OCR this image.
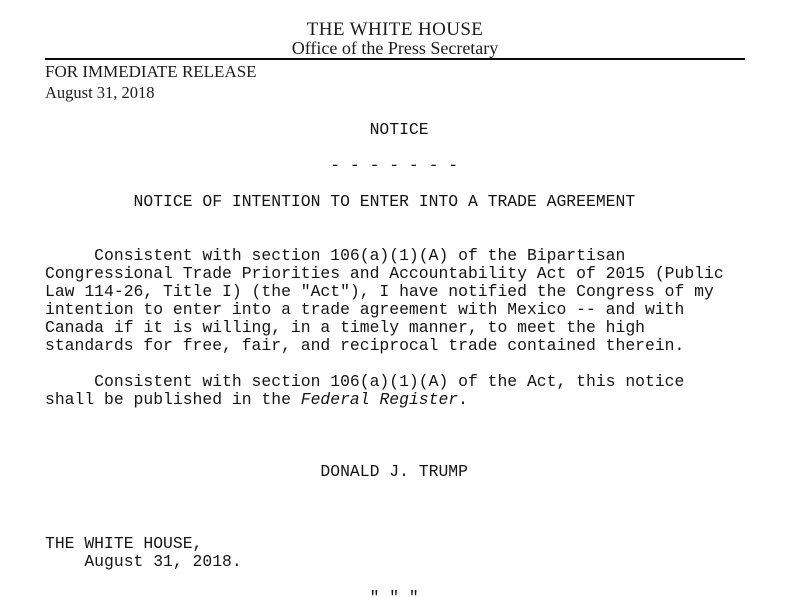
THE WHITE HOUSE
Office of the Press Secretary
FOR IMMEDIATE RELEASE
August 31, 2018
NOTICE

- - - - - - -

NOTICE OF INTENTION TO ENTER INTO A TRADE AGREEMENT

Consistent with section 106(a)(1)(A) of the Bipartisan
Congressional Trade Priorities and Accountability Act of 2015 (Public
Law 114-26, Title I) (the "Act"), I have notified the Congress of my
intention to enter into a trade agreement with Mexico -- and with
Canada if it is willing, in a timely manner, to meet the high
standards for free, fair, and reciprocal trade contained therein.

Consistent with section 106(a)(1)(A) of the Act, this notice
shall be published in the Federal Register.

DONALD J. TRUMP

THE WHITE HOUSE,
August 31, 2018.

" " "
